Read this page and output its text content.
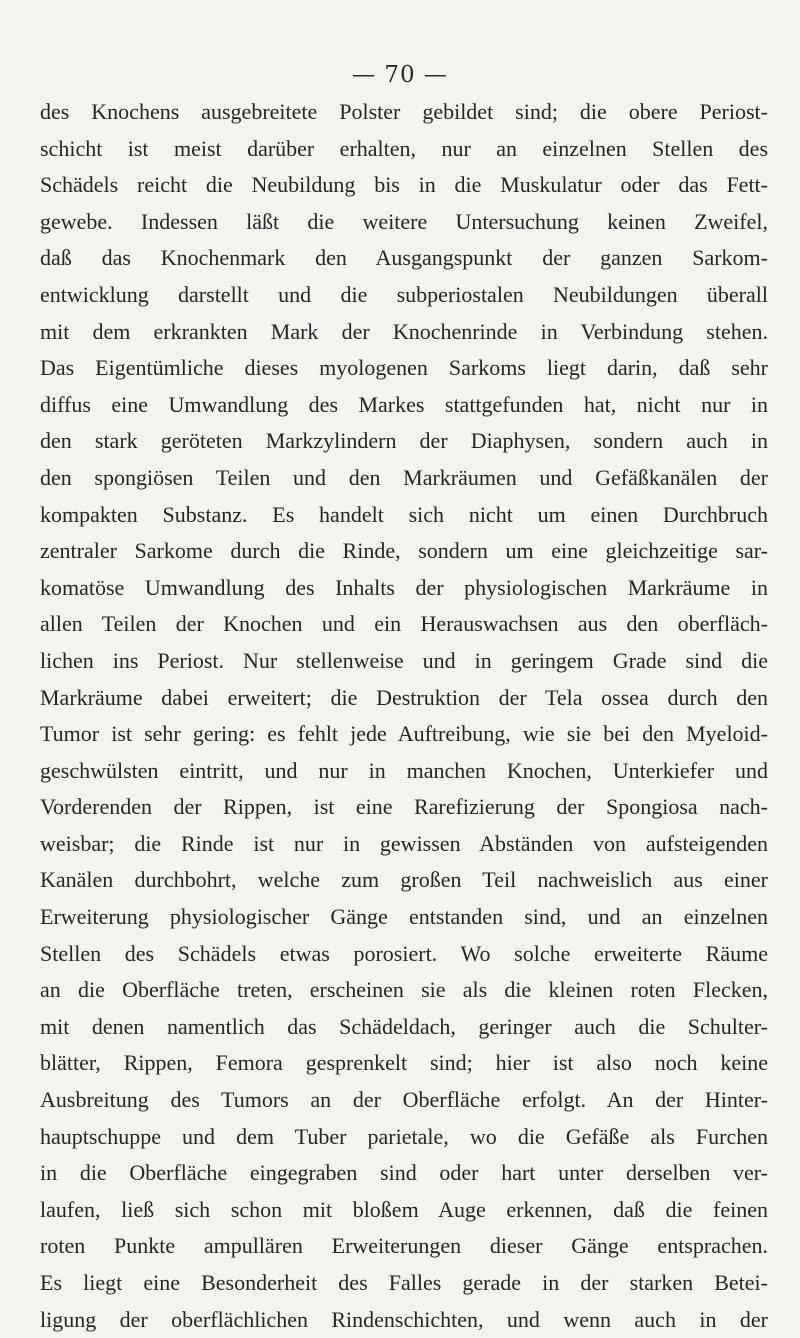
— 70 —
des Knochens ausgebreitete Polster gebildet sind; die obere Periost-
schicht ist meist darüber erhalten, nur an einzelnen Stellen des
Schädels reicht die Neubildung bis in die Muskulatur oder das Fett-
gewebe. Indessen läßt die weitere Untersuchung keinen Zweifel,
daß das Knochenmark den Ausgangspunkt der ganzen Sarkom-
entwicklung darstellt und die subperiostalen Neubildungen überall
mit dem erkrankten Mark der Knochenrinde in Verbindung stehen.
Das Eigentümliche dieses myologenen Sarkoms liegt darin, daß sehr
diffus eine Umwandlung des Markes stattgefunden hat, nicht nur in
den stark geröteten Markzylindern der Diaphysen, sondern auch in
den spongiösen Teilen und den Markräumen und Gefäßkanälen der
kompakten Substanz. Es handelt sich nicht um einen Durchbruch
zentraler Sarkome durch die Rinde, sondern um eine gleichzeitige sar-
komatöse Umwandlung des Inhalts der physiologischen Markräume in
allen Teilen der Knochen und ein Herauswachsen aus den oberfläch-
lichen ins Periost. Nur stellenweise und in geringem Grade sind die
Markräume dabei erweitert; die Destruktion der Tela ossea durch den
Tumor ist sehr gering: es fehlt jede Auftreibung, wie sie bei den Myeloid-
geschwülsten eintritt, und nur in manchen Knochen, Unterkiefer und
Vorderenden der Rippen, ist eine Rarefizierung der Spongiosa nach-
weisbar; die Rinde ist nur in gewissen Abständen von aufsteigenden
Kanälen durchbohrt, welche zum großen Teil nachweislich aus einer
Erweiterung physiologischer Gänge entstanden sind, und an einzelnen
Stellen des Schädels etwas porosiert. Wo solche erweiterte Räume
an die Oberfläche treten, erscheinen sie als die kleinen roten Flecken,
mit denen namentlich das Schädeldach, geringer auch die Schulter-
blätter, Rippen, Femora gesprenkelt sind; hier ist also noch keine
Ausbreitung des Tumors an der Oberfläche erfolgt. An der Hinter-
hauptschuppe und dem Tuber parietale, wo die Gefäße als Furchen
in die Oberfläche eingegraben sind oder hart unter derselben ver-
laufen, ließ sich schon mit bloßem Auge erkennen, daß die feinen
roten Punkte ampullären Erweiterungen dieser Gänge entsprachen.
Es liegt eine Besonderheit des Falles gerade in der starken Betei-
ligung der oberflächlichen Rindenschichten, und wenn auch in der
